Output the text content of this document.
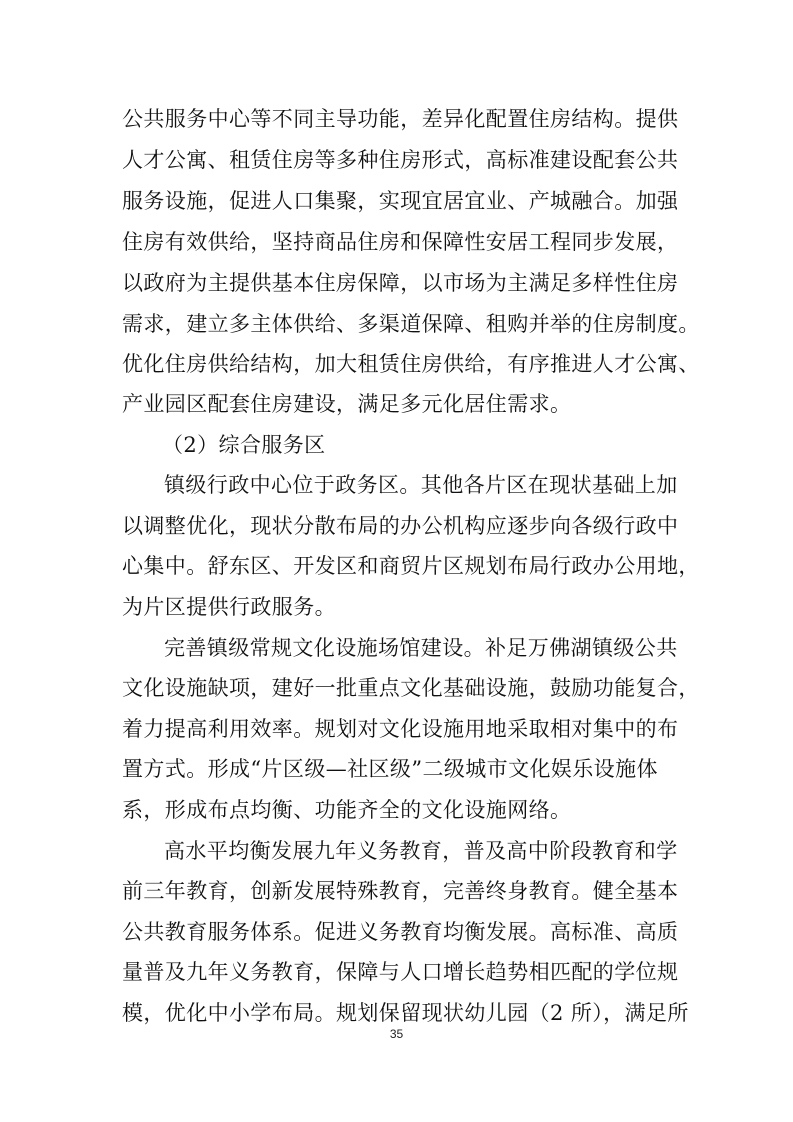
公共服务中心等不同主导功能，差异化配置住房结构。提供
人才公寓、租赁住房等多种住房形式，高标准建设配套公共
服务设施，促进人口集聚，实现宜居宜业、产城融合。加强
住房有效供给，坚持商品住房和保障性安居工程同步发展，
以政府为主提供基本住房保障，以市场为主满足多样性住房
需求，建立多主体供给、多渠道保障、租购并举的住房制度。
优化住房供给结构，加大租赁住房供给，有序推进人才公寓、
产业园区配套住房建设，满足多元化居住需求。
（2）综合服务区
镇级行政中心位于政务区。其他各片区在现状基础上加
以调整优化，现状分散布局的办公机构应逐步向各级行政中
心集中。舒东区、开发区和商贸片区规划布局行政办公用地，
为片区提供行政服务。
完善镇级常规文化设施场馆建设。补足万佛湖镇级公共
文化设施缺项，建好一批重点文化基础设施，鼓励功能复合，
着力提高利用效率。规划对文化设施用地采取相对集中的布
置方式。形成“片区级—社区级”二级城市文化娱乐设施体
系，形成布点均衡、功能齐全的文化设施网络。
高水平均衡发展九年义务教育，普及高中阶段教育和学
前三年教育，创新发展特殊教育，完善终身教育。健全基本
公共教育服务体系。促进义务教育均衡发展。高标准、高质
量普及九年义务教育，保障与人口增长趋势相匹配的学位规
模，优化中小学布局。规划保留现状幼儿园（2 所），满足所
35
